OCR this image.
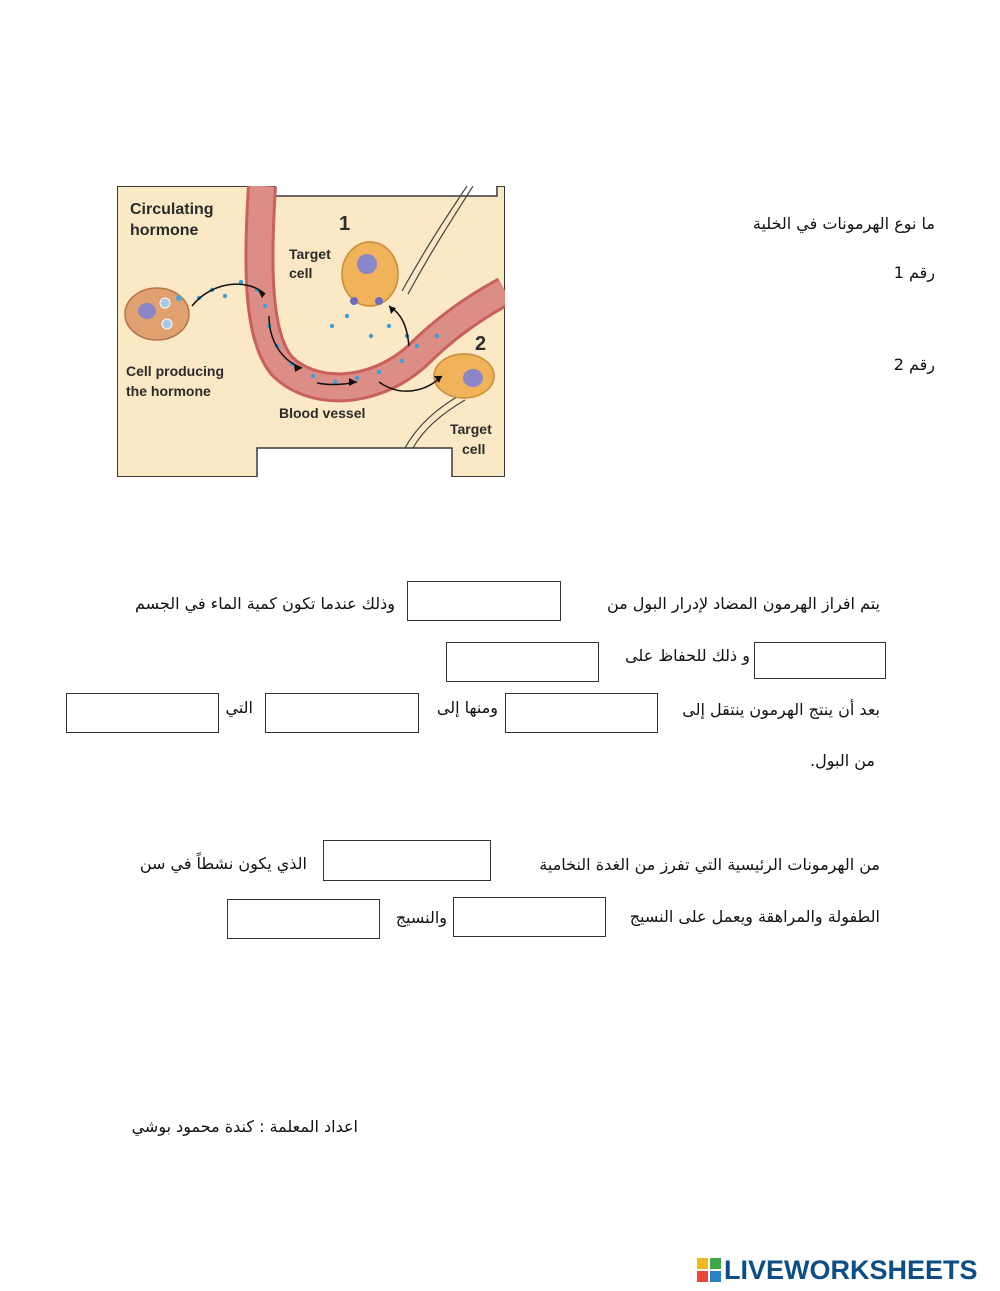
Circulating
hormone	1
Target
cell
2
Target
cell
Cell producing
the hormone
Blood vessel
ما نوع الهرمونات في الخلية
رقم 1
رقم 2
يتم افراز الهرمون المضاد لإدرار البول من
وذلك عندما تكون كمية الماء في الجسم
و ذلك للحفاظ على
بعد أن ينتج الهرمون ينتقل إلى
ومنها إلى
التي
من البول.
من الهرمونات الرئيسية التي تفرز من الغدة النخامية
الذي يكون نشطاً في سن
الطفولة والمراهقة ويعمل على النسيج
والنسيج
اعداد المعلمة : كندة محمود بوشي
LIVEWORKSHEETS
